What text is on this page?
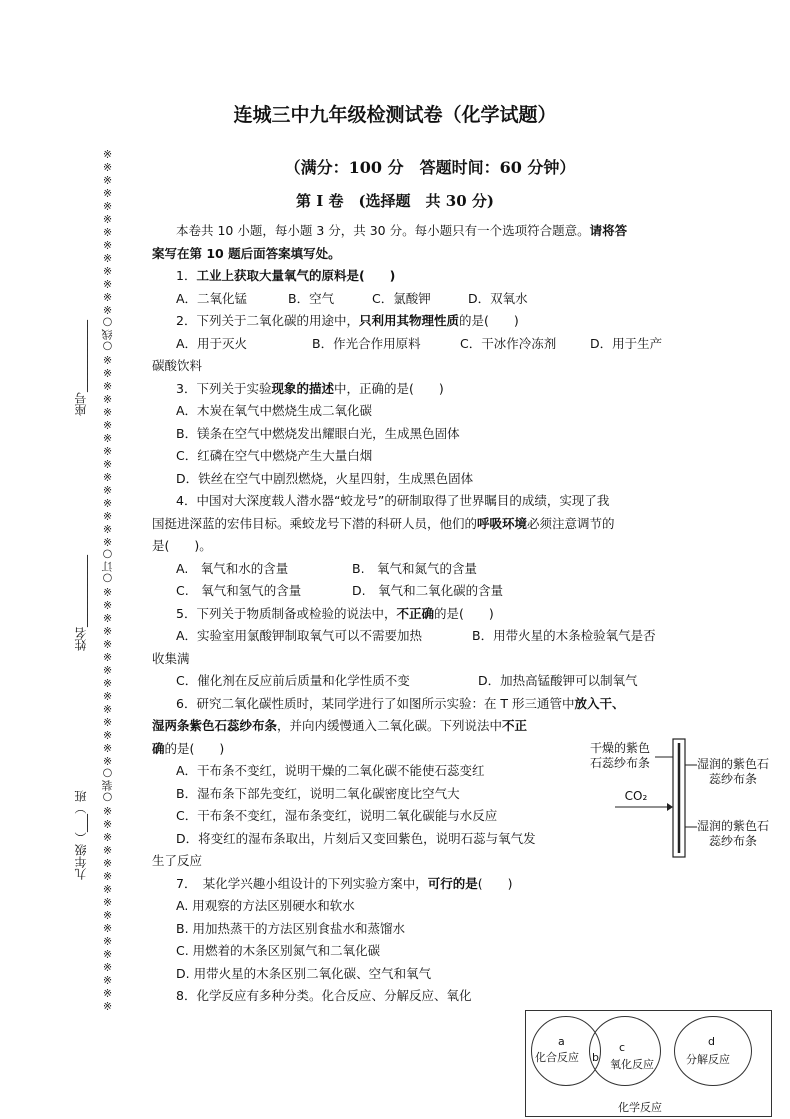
※※※※※※※※※※※※※※※※○装○※※※※※※※※※※※※※※○订○※※※※※※※※※※※※※※※○线○※※※※※※※※※※※※※
九年级（___）班
姓名____________
座号____________
连城三中九年级检测试卷（化学试题）
（满分：100 分　答题时间：60 分钟）
第 I 卷　(选择题　共 30 分)
本卷共 10 小题，每小题 3 分，共 30 分。每小题只有一个选项符合题意。请将答
案写在第 10 题后面答案填写处。
1．工业上获取大量氧气的原料是(　　)
A．二氧化锰	B．空气	C．氯酸钾	D．双氧水
2．下列关于二氧化碳的用途中，只利用其物理性质的是(　　)
A．用于灭火	B．作光合作用原料	C．干冰作冷冻剂	D．用于生产
碳酸饮料
3．下列关于实验现象的描述中，正确的是(　　)
A．木炭在氧气中燃烧生成二氧化碳
B．镁条在空气中燃烧发出耀眼白光，生成黑色固体
C．红磷在空气中燃烧产生大量白烟
D．铁丝在空气中剧烈燃烧，火星四射，生成黑色固体
4．中国对大深度载人潜水器“蛟龙号”的研制取得了世界瞩目的成绩，实现了我
国挺进深蓝的宏伟目标。乘蛟龙号下潜的科研人员，他们的呼吸环境必须注意调节的
是(　　)。
A.　氧气和水的含量	B.　氧气和氮气的含量
C.　氧气和氢气的含量	D.　氧气和二氧化碳的含量
5．下列关于物质制备或检验的说法中，不正确的是(　　)
A．实验室用氯酸钾制取氧气可以不需要加热	B．用带火星的木条检验氧气是否
收集满
C．催化剂在反应前后质量和化学性质不变	D．加热高锰酸钾可以制氧气
6．研究二氧化碳性质时，某同学进行了如图所示实验：在 T 形三通管中放入干、
湿两条紫色石蕊纱布条，并向内缓慢通入二氧化碳。下列说法中不正
确的是(　　)
A．干布条不变红，说明干燥的二氧化碳不能使石蕊变红
B．湿布条下部先变红，说明二氧化碳密度比空气大
C．干布条不变红，湿布条变红，说明二氧化碳能与水反应
D．将变红的湿布条取出，片刻后又变回紫色，说明石蕊与氧气发
生了反应
7．　某化学兴趣小组设计的下列实验方案中，可行的是(　　)
A. 用观察的方法区别硬水和软水
B. 用加热蒸干的方法区别食盐水和蒸馏水
C. 用燃着的木条区别氮气和二氧化碳
D. 用带火星的木条区别二氧化碳、空气和氧气
8．化学反应有多种分类。化合反应、分解反应、氧化
干燥的紫色石蕊纱布条	湿润的紫色石蕊纱布条
CO₂
湿润的紫色石蕊纱布条
a
化合反应 b
c
氧化反应
d
分解反应
化学反应
